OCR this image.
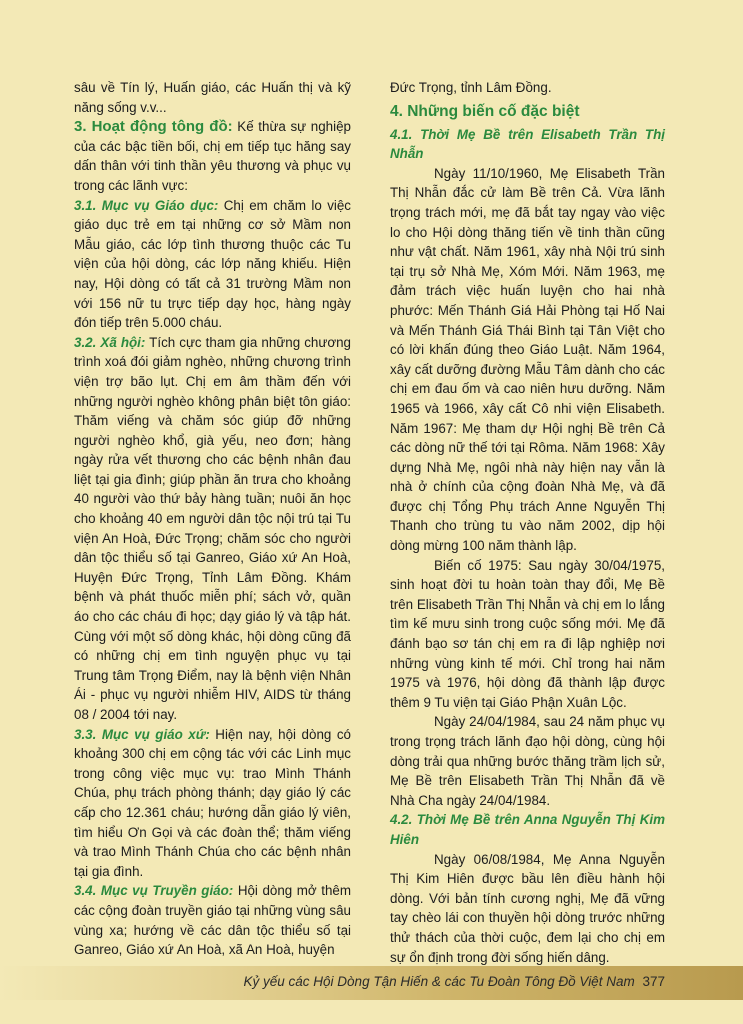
sâu về Tín lý, Huấn giáo, các Huấn thị và kỹ năng sống v.v...

3. Hoạt động tông đồ: Kế thừa sự nghiệp của các bậc tiền bối, chị em tiếp tục hăng say dấn thân với tinh thần yêu thương và phục vụ trong các lãnh vực:

3.1. Mục vụ Giáo dục: Chị em chăm lo việc giáo dục trẻ em tại những cơ sở Mầm non Mẫu giáo, các lớp tình thương thuộc các Tu viện của hội dòng, các lớp năng khiếu. Hiện nay, Hội dòng có tất cả 31 trường Mầm non với 156 nữ tu trực tiếp dạy học, hàng ngày đón tiếp trên 5.000 cháu.

3.2. Xã hội: Tích cực tham gia những chương trình xoá đói giảm nghèo, những chương trình viện trợ bão lụt. Chị em âm thầm đến với những người nghèo không phân biệt tôn giáo: Thăm viếng và chăm sóc giúp đỡ những người nghèo khổ, già yếu, neo đơn; hàng ngày rửa vết thương cho các bệnh nhân đau liệt tại gia đình; giúp phần ăn trưa cho khoảng 40 người vào thứ bảy hàng tuần; nuôi ăn học cho khoảng 40 em người dân tộc nội trú tại Tu viện An Hoà, Đức Trọng; chăm sóc cho người dân tộc thiểu số tại Ganreo, Giáo xứ An Hoà, Huyện Đức Trọng, Tỉnh Lâm Đồng. Khám bệnh và phát thuốc miễn phí; sách vở, quần áo cho các cháu đi học; dạy giáo lý và tập hát. Cùng với một số dòng khác, hội dòng cũng đã có những chị em tình nguyện phục vụ tại Trung tâm Trọng Điểm, nay là bệnh viện Nhân Ái - phục vụ người nhiễm HIV, AIDS từ tháng 08 / 2004 tới nay.

3.3. Mục vụ giáo xứ: Hiện nay, hội dòng có khoảng 300 chị em cộng tác với các Linh mục trong công việc mục vụ: trao Mình Thánh Chúa, phụ trách phòng thánh; dạy giáo lý các cấp cho 12.361 cháu; hướng dẫn giáo lý viên, tìm hiểu Ơn Gọi và các đoàn thể; thăm viếng và trao Mình Thánh Chúa cho các bệnh nhân tại gia đình.

3.4. Mục vụ Truyền giáo: Hội dòng mở thêm các cộng đoàn truyền giáo tại những vùng sâu vùng xa; hướng về các dân tộc thiểu số tại Ganreo, Giáo xứ An Hoà, xã An Hoà, huyện

Đức Trọng, tỉnh Lâm Đồng.

4. Những biến cố đặc biệt

4.1. Thời Mẹ Bề trên Elisabeth Trần Thị Nhẫn

Ngày 11/10/1960, Mẹ Elisabeth Trần Thị Nhẫn đắc cử làm Bề trên Cả. Vừa lãnh trọng trách mới, mẹ đã bắt tay ngay vào việc lo cho Hội dòng thăng tiến về tinh thần cũng như vật chất. Năm 1961, xây nhà Nội trú sinh tại trụ sở Nhà Mẹ, Xóm Mới. Năm 1963, mẹ đảm trách việc huấn luyện cho hai nhà phước: Mến Thánh Giá Hải Phòng tại Hố Nai và Mến Thánh Giá Thái Bình tại Tân Việt cho có lời khấn đúng theo Giáo Luật. Năm 1964, xây cất dưỡng đường Mẫu Tâm dành cho các chị em đau ốm và cao niên hưu dưỡng. Năm 1965 và 1966, xây cất Cô nhi viện Elisabeth. Năm 1967: Mẹ tham dự Hội nghị Bề trên Cả các dòng nữ thế tới tại Rôma. Năm 1968: Xây dựng Nhà Mẹ, ngôi nhà này hiện nay vẫn là nhà ở chính của cộng đoàn Nhà Mẹ, và đã được chị Tổng Phụ trách Anne Nguyễn Thị Thanh cho trùng tu vào năm 2002, dịp hội dòng mừng 100 năm thành lập.

Biến cố 1975: Sau ngày 30/04/1975, sinh hoạt đời tu hoàn toàn thay đổi, Mẹ Bề trên Elisabeth Trần Thị Nhẫn và chị em lo lắng tìm kế mưu sinh trong cuộc sống mới. Mẹ đã đánh bạo sơ tán chị em ra đi lập nghiệp nơi những vùng kinh tế mới. Chỉ trong hai năm 1975 và 1976, hội dòng đã thành lập được thêm 9 Tu viện tại Giáo Phận Xuân Lộc.

Ngày 24/04/1984, sau 24 năm phục vụ trong trọng trách lãnh đạo hội dòng, cùng hội dòng trải qua những bước thăng trầm lịch sử, Mẹ Bề trên Elisabeth Trần Thị Nhẫn đã về Nhà Cha ngày 24/04/1984.

4.2. Thời Mẹ Bề trên Anna Nguyễn Thị Kim Hiên

Ngày 06/08/1984, Mẹ Anna Nguyễn Thị Kim Hiên được bầu lên điều hành hội dòng. Với bản tính cương nghị, Mẹ đã vững tay chèo lái con thuyền hội dòng trước những thử thách của thời cuộc, đem lại cho chị em sự ổn định trong đời sống hiến dâng.

Kỷ yếu các Hội Dòng Tận Hiến & các Tu Đoàn Tông Đồ Việt Nam 377
